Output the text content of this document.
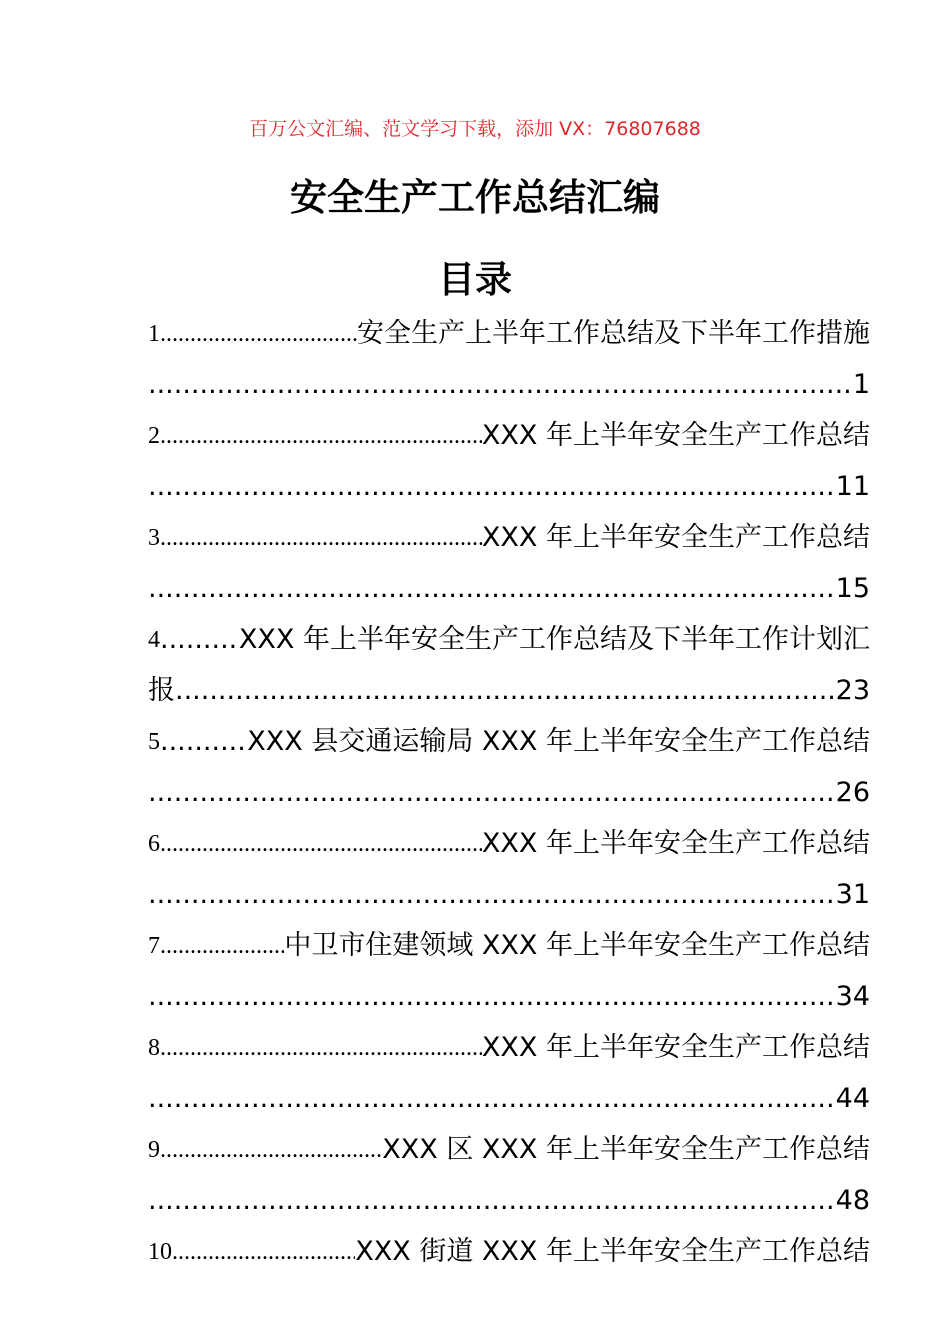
百万公文汇编、范文学习下载，添加 VX：76807688
安全生产工作总结汇编
目录
1 .....	安全生产上半年工作总结及下半年工作措施
.....
1
2 .....	XXX 年上半年安全生产工作总结
.....
11
3 .....	XXX 年上半年安全生产工作总结
.....
15
4 .....	XXX 年上半年安全生产工作总结及下半年工作计划汇
报 .....	23
5 .....	XXX 县交通运输局 XXX 年上半年安全生产工作总结
.....
26
6 .....	XXX 年上半年安全生产工作总结
.....
31
7 .....	中卫市住建领域 XXX 年上半年安全生产工作总结
.....
34
8 .....	XXX 年上半年安全生产工作总结
.....
44
9 .....	XXX 区 XXX 年上半年安全生产工作总结
.....
48
10 .....	XXX 街道 XXX 年上半年安全生产工作总结
